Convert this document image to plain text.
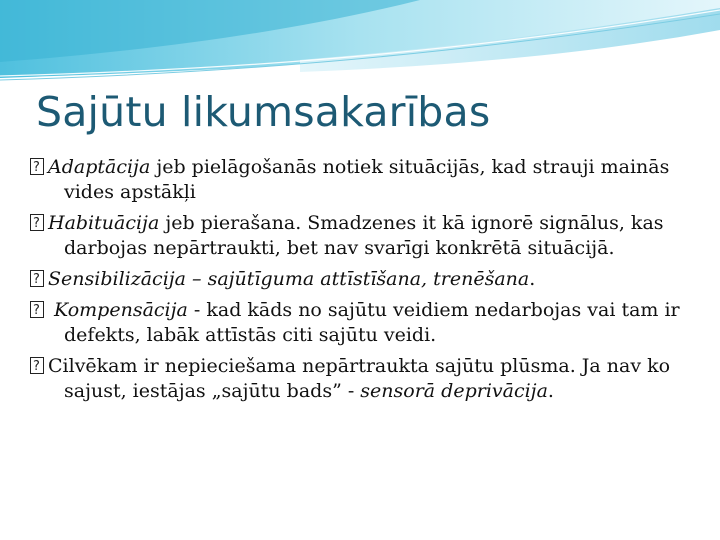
Sajūtu likumsakarības
?Adaptācija jeb pielāgošanās notiek situācijās, kad strauji mainās vides apstākļi
?Habituācija jeb pierašana. Smadzenes it kā ignorē signālus, kas darbojas nepārtraukti, bet nav svarīgi konkrētā situācijā.
?Sensibilizācija – sajūtīguma attīstīšana, trenēšana.
? Kompensācija - kad kāds no sajūtu veidiem nedarbojas vai tam ir defekts, labāk attīstās citi sajūtu veidi.
?Cilvēkam ir nepieciešama nepārtraukta sajūtu plūsma. Ja nav ko sajust, iestājas „sajūtu bads” - sensorā deprivācija.
